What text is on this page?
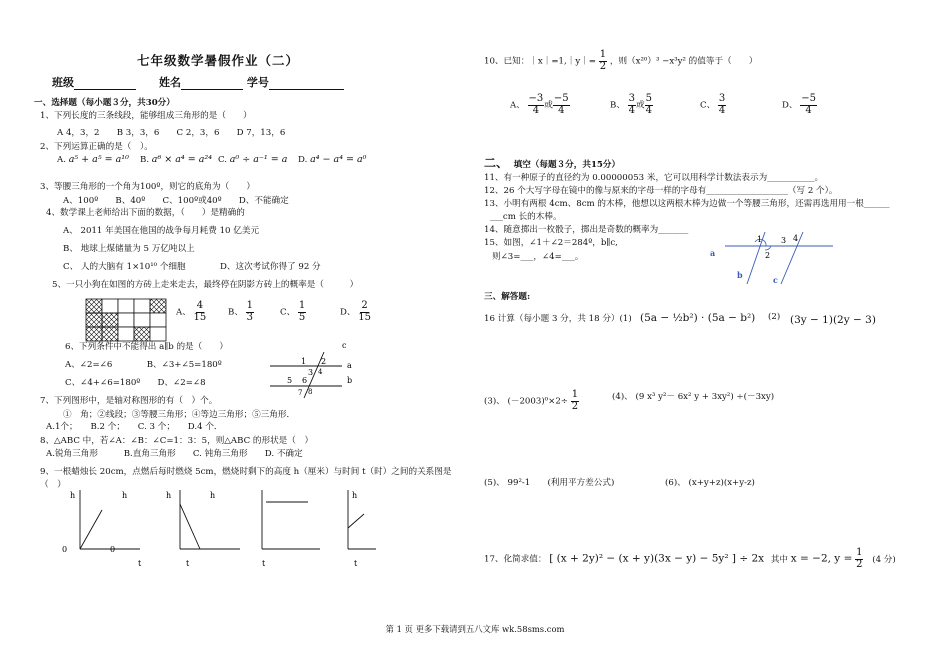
七年级数学暑假作业（二）
班级	姓名	学号
一、选择题（每小题３分，共30分）
1、下列长度的三条线段，能够组成三角形的是（　　）
A 4，3，2　　B 3，3，6　　C 2，3，6　　D 7，13，6
2、下列运算正确的是（　）。
A. a⁵ + a⁵ = a¹⁰ B. a⁶ × a⁴ = a²⁴ C. a⁰ ÷ a⁻¹ = a D. a⁴ − a⁴ = a⁰
3、等腰三角形的一个角为100º，则它的底角为（　　）
A、100º　　B、40º　　C、100º或40º　　D、不能确定
4、数学课上老师给出下面的数据，（　　）是精确的
A、 2011 年美国在他国的战争每月耗费 10 亿美元
B、 地球上煤储量为 5 万亿吨以上
C、 人的大脑有 1×10¹⁰ 个细胞	D、这次考试你得了 92 分
5、一只小狗在如图的方砖上走来走去，最终停在阴影方砖上的概率是（　　　）
A、 $\frac{4}{15}$	B、 $\frac{1}{3}$	C、 $\frac{1}{5}$	D、 $\frac{2}{15}$
6、下列条件中不能得出 a∥b 的是（　　）
A、∠2=∠6　　　　B、∠3+∠5=180º
C、∠4+∠6=180º　　D、∠2=∠8
c
a
b
1 2
3 4
5 6
7 8
7、下列图形中，是轴对称图形的有（　）个。
①　角；②线段；③等腰三角形；④等边三角形；⑤三角形．
A.1个；　　B.2 个；　　C. 3 个；　　D.4 个．
8、△ABC 中，若∠A：∠B：∠C=1：3：5，则△ABC 的形状是（　）
A.锐角三角形　　　B.直角三角形　　C. 钝角三角形　　D. 不确定
9、一根蜡烛长 20cm，点燃后每时燃烧 5cm，燃烧时剩下的高度 h（厘米）与时间 t（时）之间的关系图是
（　）
h
0	0
h
t
h
t
h
t
h
t
10、已知：｜x｜=1,｜y｜= $\frac{1}{2}$ ，则（x²⁰）³ −x³y² 的值等于（　　）
A、 $\frac{-3}{4}$ 或 $\frac{-5}{4}$	B、 $\frac{3}{4}$ 或 $\frac{5}{4}$	C、 $\frac{3}{4}$	D、 $\frac{-5}{4}$
二、 填空（每题３分，共15分）
11、有一种原子的直径约为 0.00000053 米，它可以用科学计数法表示为___________。
12、26 个大写字母在镜中的像与原来的字母一样的字母有___________________（写 2 个）。
13、小明有两根 4cm、8cm 的木棒，他想以这两根木棒为边做一个等腰三角形，还需再选用用一根______
___cm 长的木棒。
14、随意掷出一枚骰子，掷出是奇数的概率为_______
15、如图，∠1＋∠2＝284º，b∥c,
则∠3=___，∠4=___。	a
b	c
1
2
3 4
三、解答题:
16 计算（每小题 3 分，共 18 分）(1) (5a − ½b²) · (5a − b²) (2) (3y − 1)(2y − 3)
(3)、 $(-2003)^0\times 2\div \frac{1}{2}$	(4)、 (9 x³ y²－ 6x² y + 3xy²) ÷(－3xy)
(5)、 99²-1　　(利用平方差公式)	(6)、 (x+y+z)(x+y-z)
17、化简求值： [ (x + 2y)² − (x + y)(3x − y) − 5y² ] ÷ 2x 其中 x = −2, $y = \frac{1}{2} (4$ 分)
第 1 页 更多下载请到五八文库 wk.58sms.com
